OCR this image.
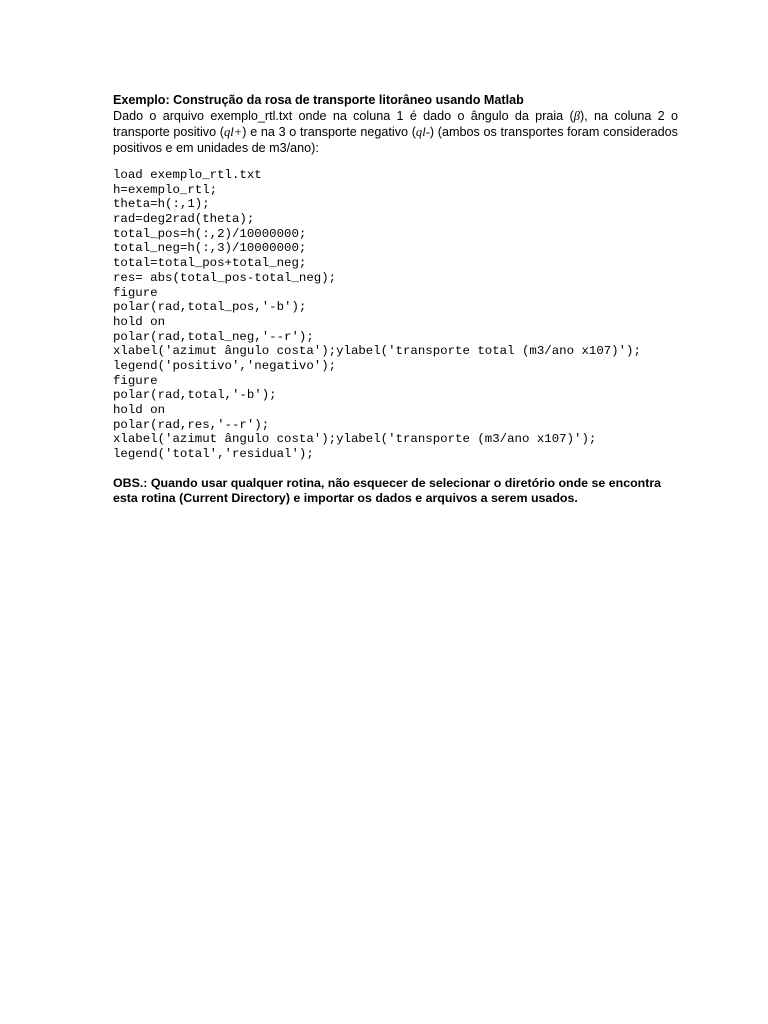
Exemplo: Construção da rosa de transporte litorâneo usando Matlab

Dado o arquivo exemplo_rtl.txt onde na coluna 1 é dado o ângulo da praia (β), na coluna 2 o transporte positivo (ql+) e na 3 o transporte negativo (ql-) (ambos os transportes foram considerados positivos e em unidades de m3/ano):

load exemplo_rtl.txt
h=exemplo_rtl;
theta=h(:,1);
rad=deg2rad(theta);
total_pos=h(:,2)/10000000;
total_neg=h(:,3)/10000000;
total=total_pos+total_neg;
res= abs(total_pos-total_neg);
figure
polar(rad,total_pos,'-b');
hold on
polar(rad,total_neg,'--r');
xlabel('azimut ângulo costa');ylabel('transporte total (m3/ano x107)');
legend('positivo','negativo');
figure
polar(rad,total,'-b');
hold on
polar(rad,res,'--r');
xlabel('azimut ângulo costa');ylabel('transporte (m3/ano x107)');
legend('total','residual');

OBS.: Quando usar qualquer rotina, não esquecer de selecionar o diretório onde se encontra esta rotina (Current Directory) e importar os dados e arquivos a serem usados.
